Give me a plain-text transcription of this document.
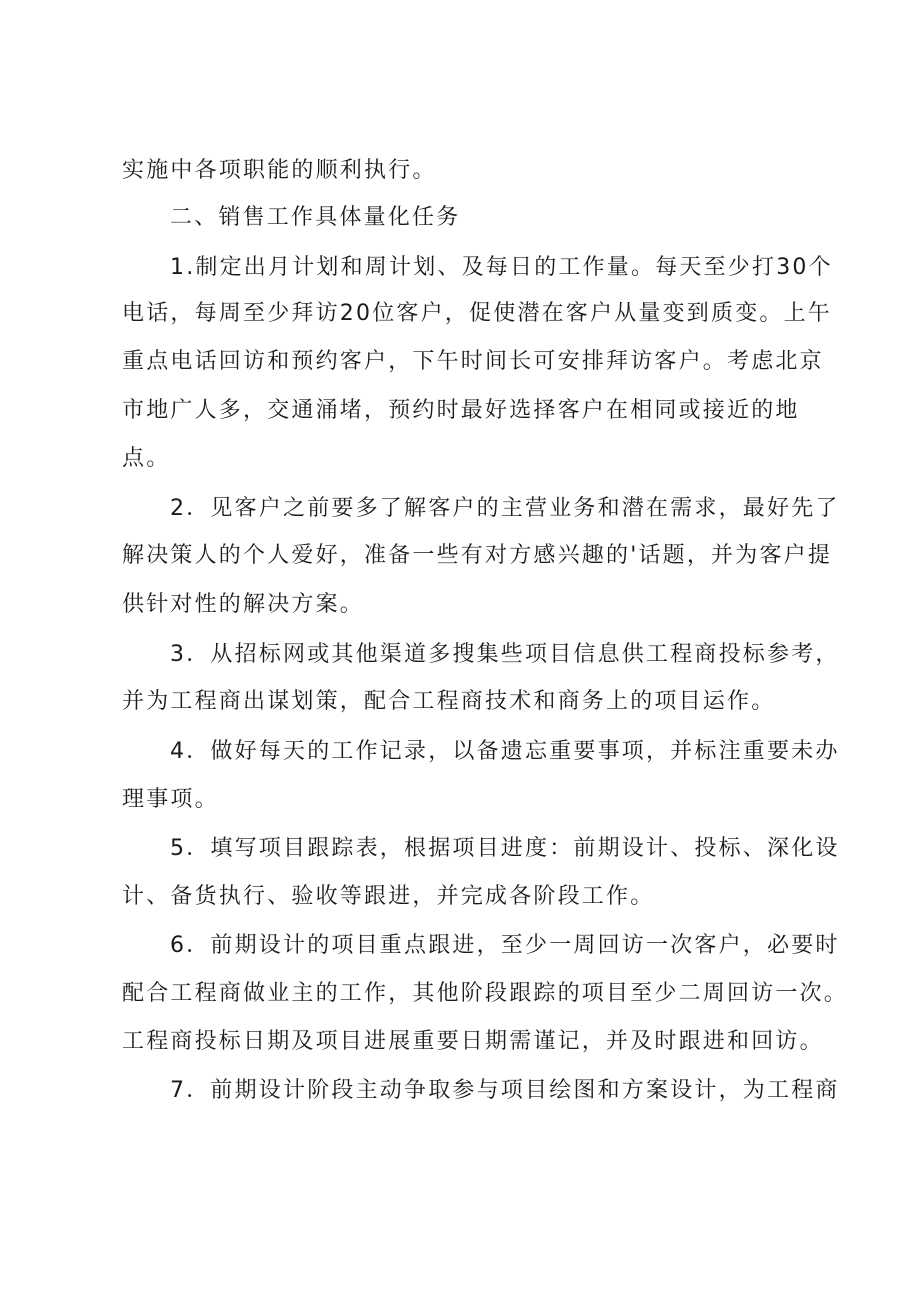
实施中各项职能的顺利执行。
二、销售工作具体量化任务
1.制定出月计划和周计划、及每日的工作量。每天至少打30个
电话，每周至少拜访20位客户，促使潜在客户从量变到质变。上午
重点电话回访和预约客户，下午时间长可安排拜访客户。考虑北京
市地广人多，交通涌堵，预约时最好选择客户在相同或接近的地
点。
2．见客户之前要多了解客户的主营业务和潜在需求，最好先了
解决策人的个人爱好，准备一些有对方感兴趣的'话题，并为客户提
供针对性的解决方案。
3．从招标网或其他渠道多搜集些项目信息供工程商投标参考，
并为工程商出谋划策，配合工程商技术和商务上的项目运作。
4．做好每天的工作记录，以备遗忘重要事项，并标注重要未办
理事项。
5．填写项目跟踪表，根据项目进度：前期设计、投标、深化设
计、备货执行、验收等跟进，并完成各阶段工作。
6．前期设计的项目重点跟进，至少一周回访一次客户，必要时
配合工程商做业主的工作，其他阶段跟踪的项目至少二周回访一次。
工程商投标日期及项目进展重要日期需谨记，并及时跟进和回访。
7．前期设计阶段主动争取参与项目绘图和方案设计，为工程商
